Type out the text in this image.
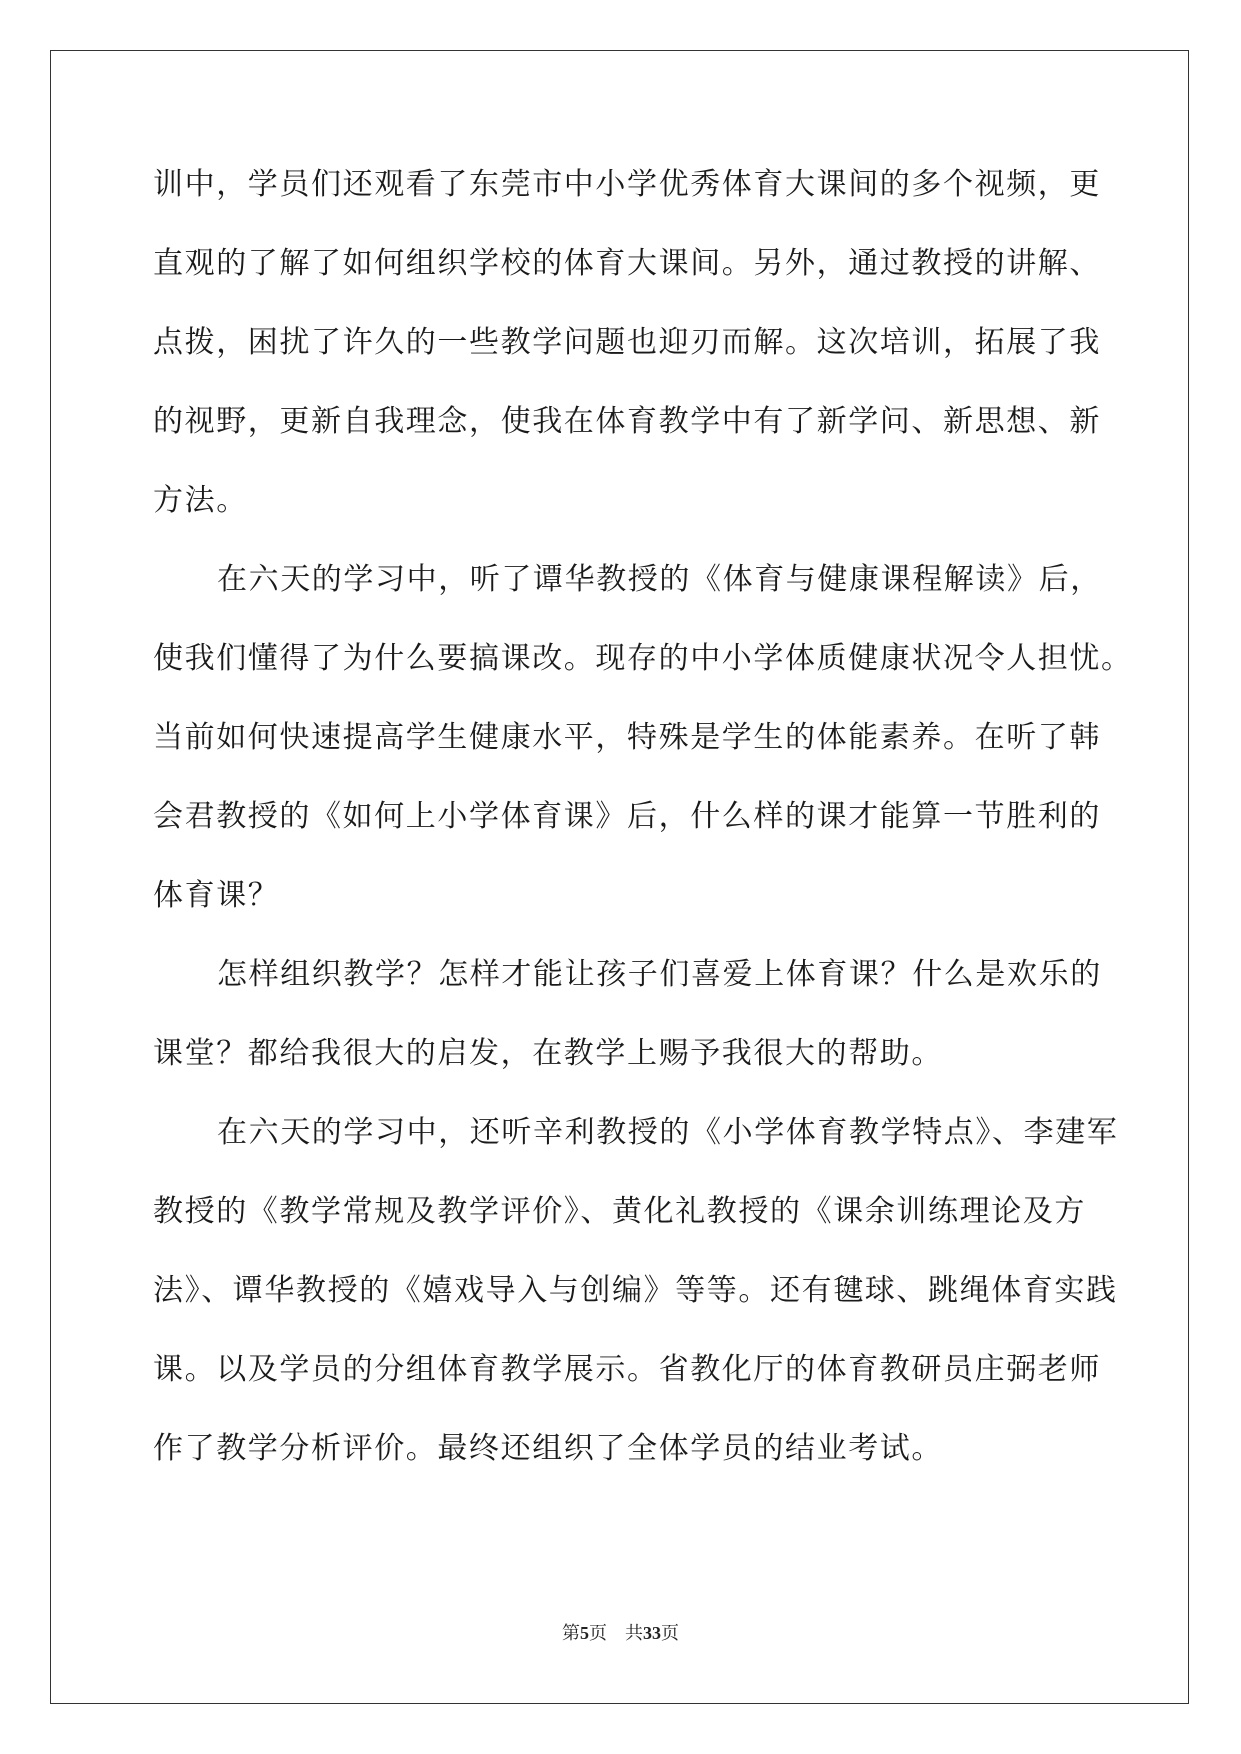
训中，学员们还观看了东莞市中小学优秀体育大课间的多个视频，更
直观的了解了如何组织学校的体育大课间。另外，通过教授的讲解、
点拨，困扰了许久的一些教学问题也迎刃而解。这次培训，拓展了我
的视野，更新自我理念，使我在体育教学中有了新学问、新思想、新
方法。
在六天的学习中，听了谭华教授的《体育与健康课程解读》后，
使我们懂得了为什么要搞课改。现存的中小学体质健康状况令人担忧。
当前如何快速提高学生健康水平，特殊是学生的体能素养。在听了韩
会君教授的《如何上小学体育课》后，什么样的课才能算一节胜利的
体育课？
怎样组织教学？怎样才能让孩子们喜爱上体育课？什么是欢乐的
课堂？都给我很大的启发，在教学上赐予我很大的帮助。
在六天的学习中，还听辛利教授的《小学体育教学特点》、李建军
教授的《教学常规及教学评价》、黄化礼教授的《课余训练理论及方
法》、谭华教授的《嬉戏导入与创编》等等。还有毽球、跳绳体育实践
课。以及学员的分组体育教学展示。省教化厅的体育教研员庄弼老师
作了教学分析评价。最终还组织了全体学员的结业考试。
第5页 共33页
